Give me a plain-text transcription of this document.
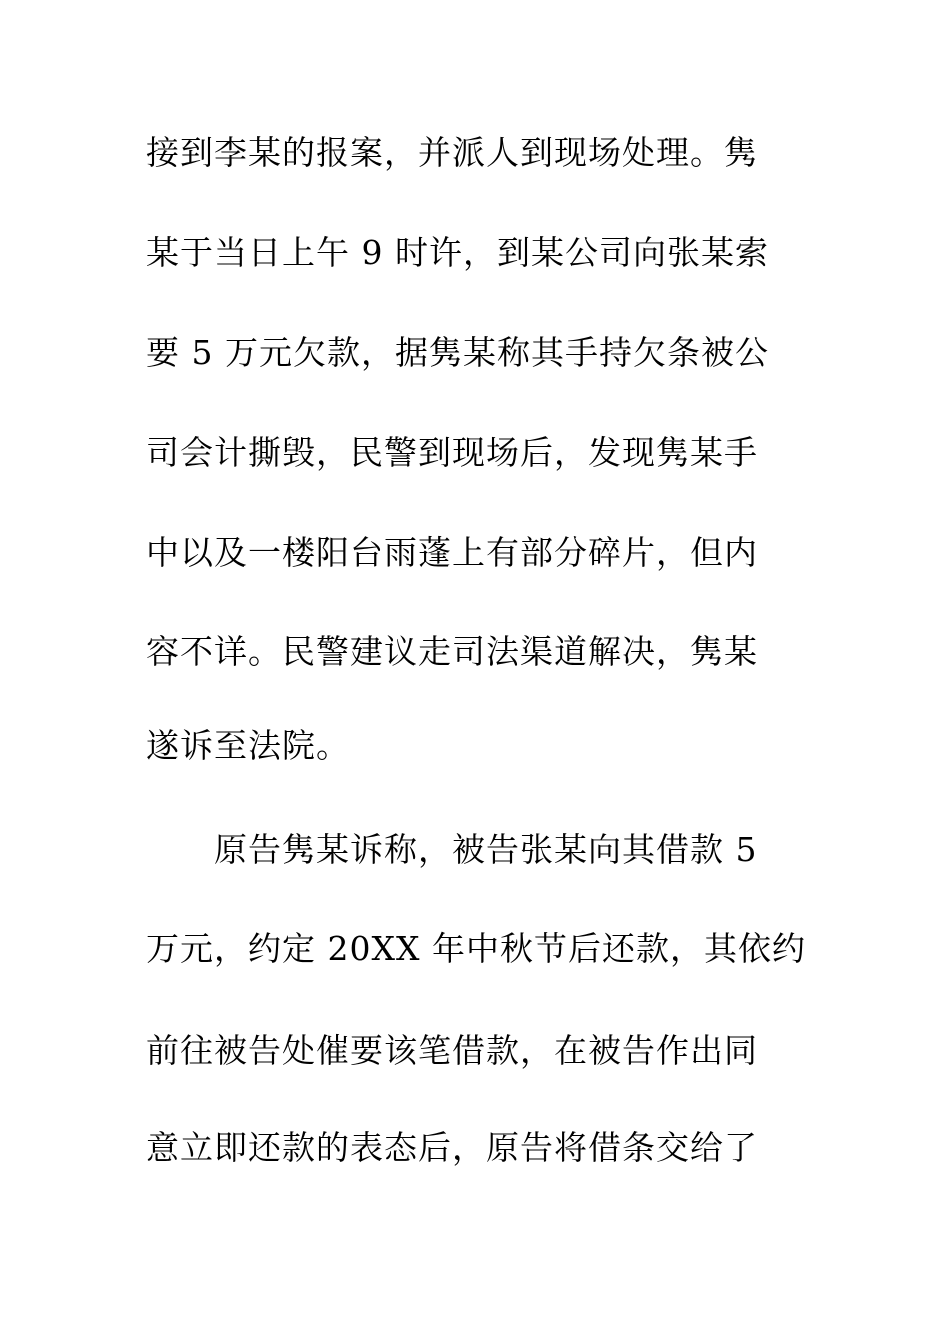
接到李某的报案，并派人到现场处理。隽
某于当日上午 9 时许，到某公司向张某索
要 5 万元欠款，据隽某称其手持欠条被公
司会计撕毁，民警到现场后，发现隽某手
中以及一楼阳台雨蓬上有部分碎片，但内
容不详。民警建议走司法渠道解决，隽某
遂诉至法院。
原告隽某诉称，被告张某向其借款 5
万元，约定 20XX 年中秋节后还款，其依约
前往被告处催要该笔借款，在被告作出同
意立即还款的表态后，原告将借条交给了
